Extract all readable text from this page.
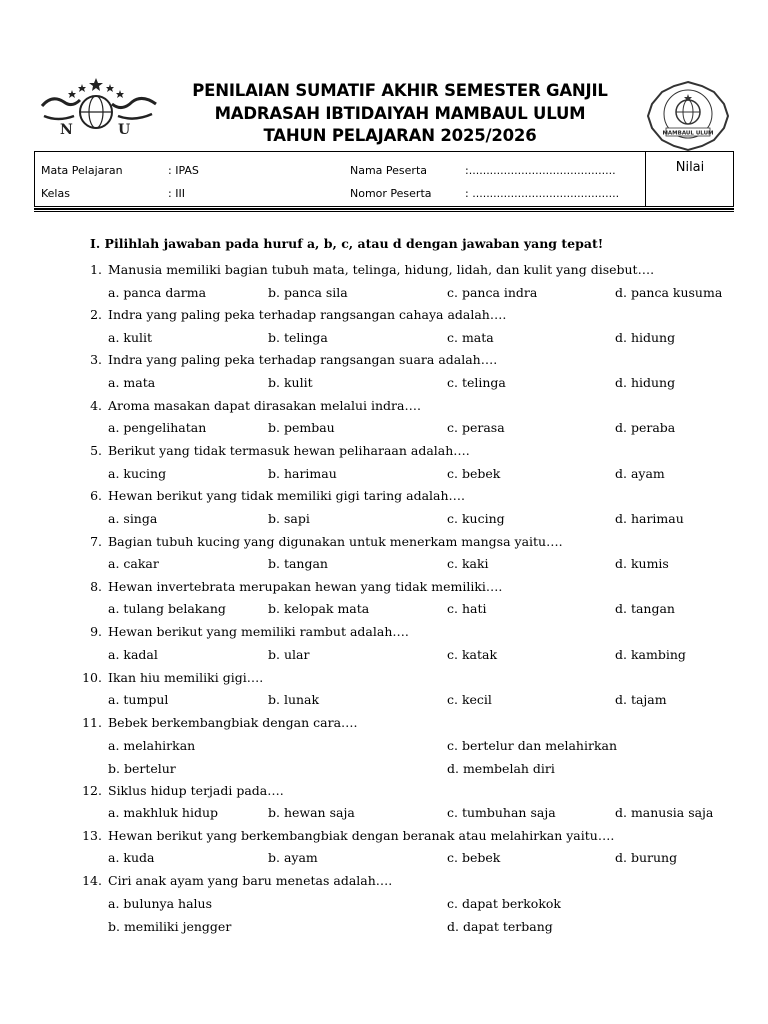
N	U
PENILAIAN SUMATIF AKHIR SEMESTER GANJIL
MADRASAH IBTIDAIYAH MAMBAUL ULUM
TAHUN PELAJARAN 2025/2026	MAMBAUL ULUM
Mata Pelajaran	: IPAS	Nama Peserta	:..........................................
Kelas	: III	Nomor Peserta	: ..........................................
Nilai
I. Pilihlah jawaban pada huruf a, b, c, atau d dengan jawaban yang tepat!
1. Manusia memiliki bagian tubuh mata, telinga, hidung, lidah, dan kulit yang disebut….
a. panca darma	b. panca sila	c. panca indra	d. panca kusuma
2. Indra yang paling peka terhadap rangsangan cahaya adalah….
a. kulit	b. telinga	c. mata	d. hidung
3. Indra yang paling peka terhadap rangsangan suara adalah….
a. mata	b. kulit	c. telinga	d. hidung
4. Aroma masakan dapat dirasakan melalui indra….
a. pengelihatan	b. pembau	c. perasa	d. peraba
5. Berikut yang tidak termasuk hewan peliharaan adalah….
a. kucing	b. harimau	c. bebek	d. ayam
6. Hewan berikut yang tidak memiliki gigi taring adalah….
a. singa	b. sapi	c. kucing	d. harimau
7. Bagian tubuh kucing yang digunakan untuk menerkam mangsa yaitu….
a. cakar	b. tangan	c. kaki	d. kumis
8. Hewan invertebrata merupakan hewan yang tidak memiliki….
a. tulang belakang	b. kelopak mata	c. hati	d. tangan
9. Hewan berikut yang memiliki rambut adalah….
a. kadal	b. ular	c. katak	d. kambing
10. Ikan hiu memiliki gigi….
a. tumpul	b. lunak	c. kecil	d. tajam
11. Bebek berkembangbiak dengan cara….
a. melahirkan
b. bertelur
c. bertelur dan melahirkan
d. membelah diri
12. Siklus hidup terjadi pada….
a. makhluk hidup	b. hewan saja	c. tumbuhan saja	d. manusia saja
13. Hewan berikut yang berkembangbiak dengan beranak atau melahirkan yaitu….
a. kuda	b. ayam	c. bebek	d. burung
14. Ciri anak ayam yang baru menetas adalah….
a. bulunya halus
b. memiliki jengger
c. dapat berkokok
d. dapat terbang
